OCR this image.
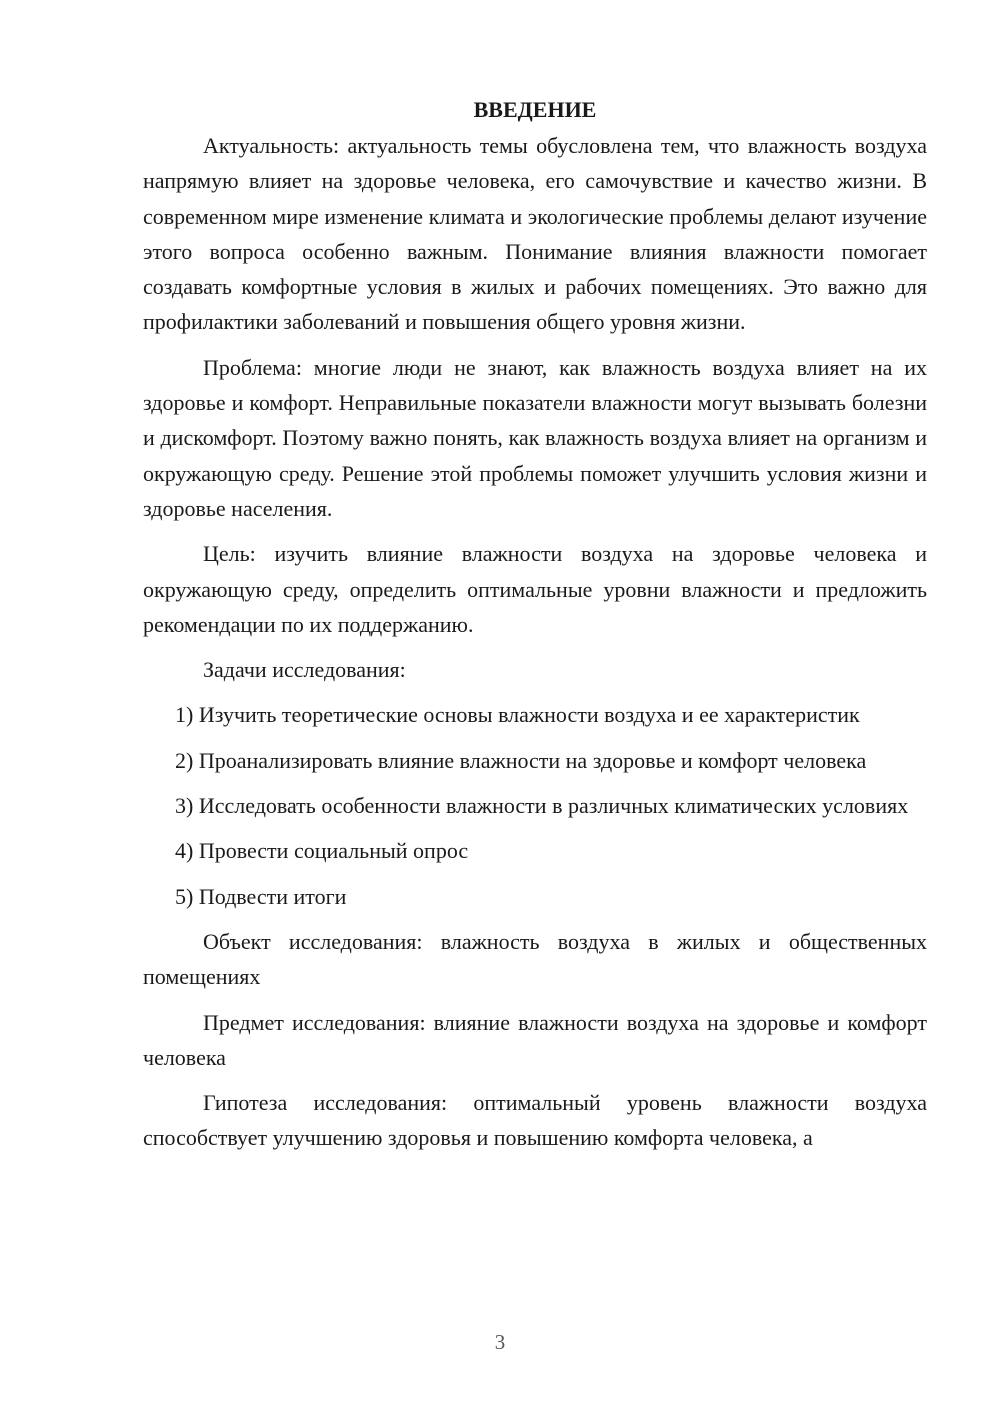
ВВЕДЕНИЕ

Актуальность: актуальность темы обусловлена тем, что влажность воздуха напрямую влияет на здоровье человека, его самочувствие и качество жизни. В современном мире изменение климата и экологические проблемы делают изучение этого вопроса особенно важным. Понимание влияния влажности помогает создавать комфортные условия в жилых и рабочих помещениях. Это важно для профилактики заболеваний и повышения общего уровня жизни.

Проблема: многие люди не знают, как влажность воздуха влияет на их здоровье и комфорт. Неправильные показатели влажности могут вызывать болезни и дискомфорт. Поэтому важно понять, как влажность воздуха влияет на организм и окружающую среду. Решение этой проблемы поможет улучшить условия жизни и здоровье населения.

Цель: изучить влияние влажности воздуха на здоровье человека и окружающую среду, определить оптимальные уровни влажности и предложить рекомендации по их поддержанию.

Задачи исследования:

1) Изучить теоретические основы влажности воздуха и ее характеристик

2) Проанализировать влияние влажности на здоровье и комфорт человека

3) Исследовать особенности влажности в различных климатических условиях

4) Провести социальный опрос

5) Подвести итоги

Объект исследования: влажность воздуха в жилых и общественных помещениях

Предмет исследования: влияние влажности воздуха на здоровье и комфорт человека

Гипотеза исследования: оптимальный уровень влажности воздуха способствует улучшению здоровья и повышению комфорта человека, а

3
